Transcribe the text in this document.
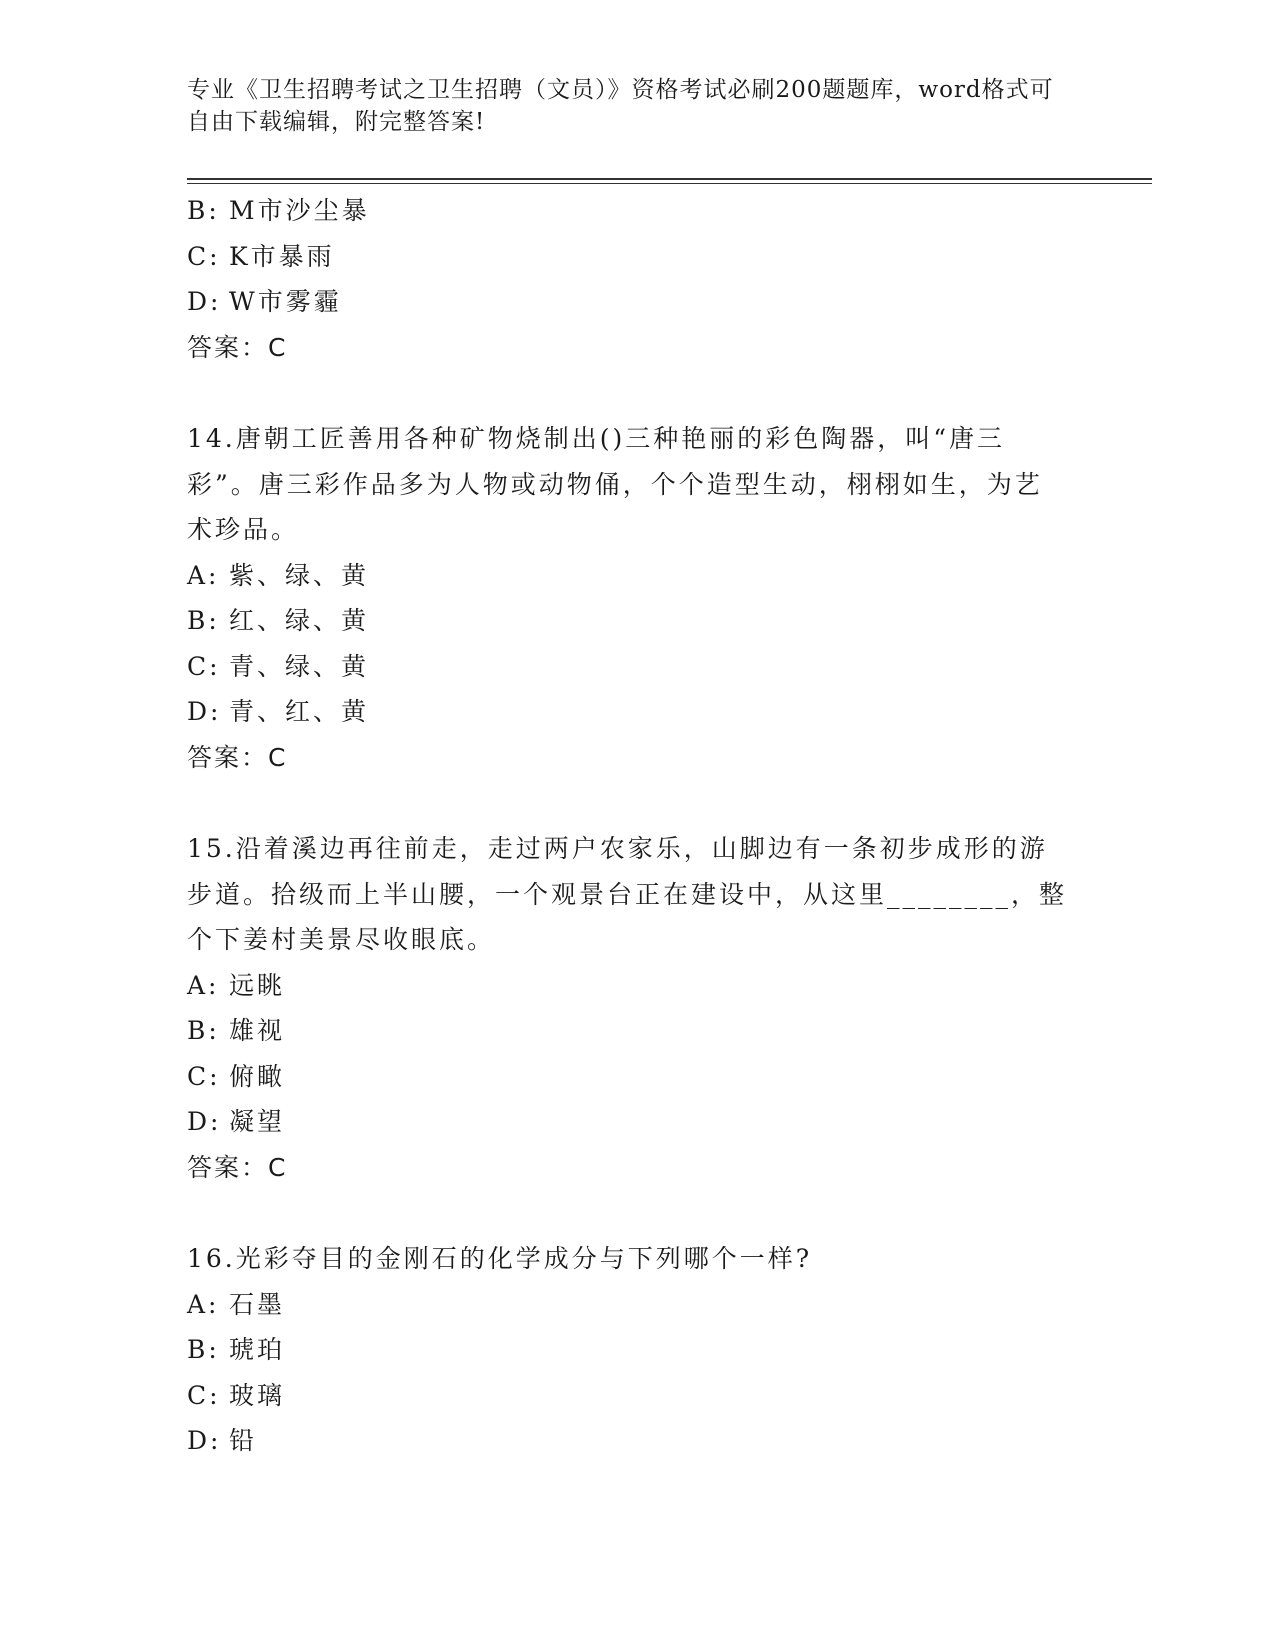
专业《卫生招聘考试之卫生招聘（文员）》资格考试必刷200题题库，word格式可自由下载编辑，附完整答案!
B: M市沙尘暴
C: K市暴雨
D: W市雾霾
答案：C
14.唐朝工匠善用各种矿物烧制出()三种艳丽的彩色陶器，叫“唐三彩”。唐三彩作品多为人物或动物俑，个个造型生动，栩栩如生，为艺术珍品。
A: 紫、绿、黄
B: 红、绿、黄
C: 青、绿、黄
D: 青、红、黄
答案：C
15.沿着溪边再往前走，走过两户农家乐，山脚边有一条初步成形的游步道。拾级而上半山腰，一个观景台正在建设中，从这里________，整个下姜村美景尽收眼底。
A: 远眺
B: 雄视
C: 俯瞰
D: 凝望
答案：C
16.光彩夺目的金刚石的化学成分与下列哪个一样?
A: 石墨
B: 琥珀
C: 玻璃
D: 铅
